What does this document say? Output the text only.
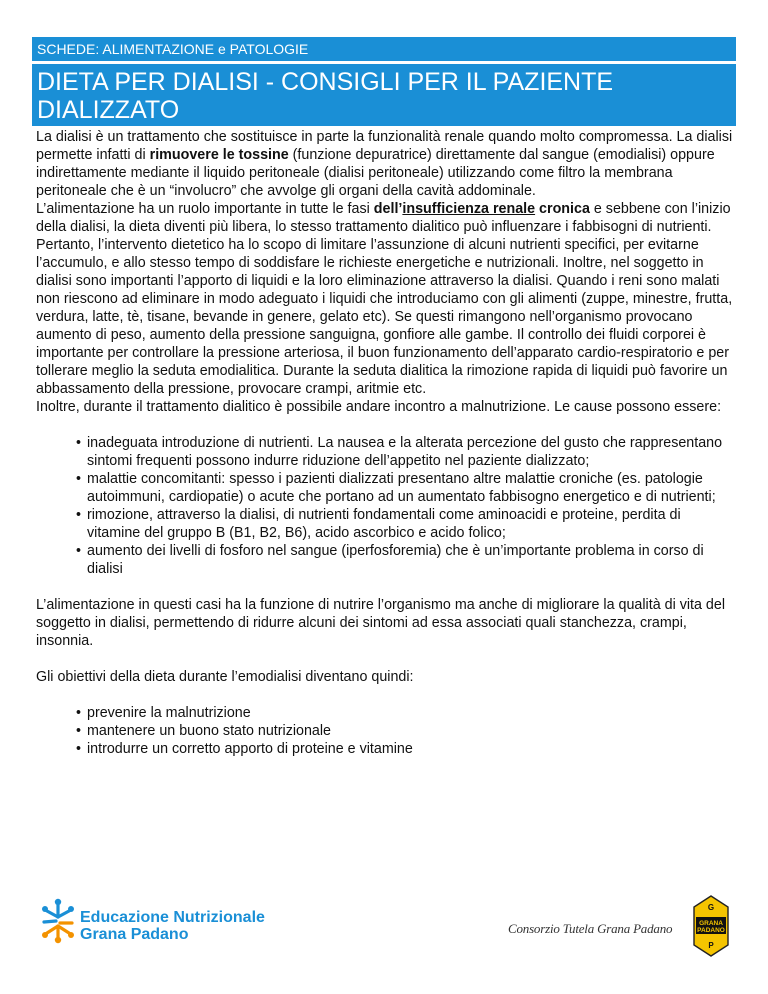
SCHEDE: ALIMENTAZIONE e PATOLOGIE
DIETA PER DIALISI - CONSIGLI PER IL PAZIENTE DIALIZZATO

La dialisi è un trattamento che sostituisce in parte la funzionalità renale quando molto compromessa. La dialisi permette infatti di rimuovere le tossine (funzione depuratrice) direttamente dal sangue (emodialisi) oppure indirettamente mediante il liquido peritoneale (dialisi peritoneale) utilizzando come filtro la membrana peritoneale che è un “involucro” che avvolge gli organi della cavità addominale.

L’alimentazione ha un ruolo importante in tutte le fasi dell’insufficienza renale cronica e sebbene con l’inizio della dialisi, la dieta diventi più libera, lo stesso trattamento dialitico può influenzare i fabbisogni di nutrienti. Pertanto, l’intervento dietetico ha lo scopo di limitare l’assunzione di alcuni nutrienti specifici, per evitarne l’accumulo, e allo stesso tempo di soddisfare le richieste energetiche e nutrizionali. Inoltre, nel soggetto in dialisi sono importanti l’apporto di liquidi e la loro eliminazione attraverso la dialisi. Quando i reni sono malati non riescono ad eliminare in modo adeguato i liquidi che introduciamo con gli alimenti (zuppe, minestre, frutta, verdura, latte, tè, tisane, bevande in genere, gelato etc). Se questi rimangono nell’organismo provocano aumento di peso, aumento della pressione sanguigna, gonfiore alle gambe. Il controllo dei fluidi corporei è importante per controllare la pressione arteriosa, il buon funzionamento dell’apparato cardio-respiratorio e per tollerare meglio la seduta emodialitica. Durante la seduta dialitica la rimozione rapida di liquidi può favorire un abbassamento della pressione, provocare crampi, aritmie etc.

Inoltre, durante il trattamento dialitico è possibile andare incontro a malnutrizione. Le cause possono essere:

• inadeguata introduzione di nutrienti. La nausea e la alterata percezione del gusto che rappresentano sintomi frequenti possono indurre riduzione dell’appetito nel paziente dializzato;
• malattie concomitanti: spesso i pazienti dializzati presentano altre malattie croniche (es. patologie autoimmuni, cardiopatie) o acute che portano ad un aumentato fabbisogno energetico e di nutrienti;
• rimozione, attraverso la dialisi, di nutrienti fondamentali come aminoacidi e proteine, perdita di vitamine del gruppo B (B1, B2, B6), acido ascorbico e acido folico;
• aumento dei livelli di fosforo nel sangue (iperfosforemia) che è un’importante problema in corso di dialisi

L’alimentazione in questi casi ha la funzione di nutrire l’organismo ma anche di migliorare la qualità di vita del soggetto in dialisi, permettendo di ridurre alcuni dei sintomi ad essa associati quali stanchezza, crampi, insonnia.

Gli obiettivi della dieta durante l’emodialisi diventano quindi:

• prevenire la malnutrizione
• mantenere un buono stato nutrizionale
• introdurre un corretto apporto di proteine e vitamine
Educazione Nutrizionale
Grana Padano	Consorzio Tutela Grana Padano
G
GRANA
PADANO
P
